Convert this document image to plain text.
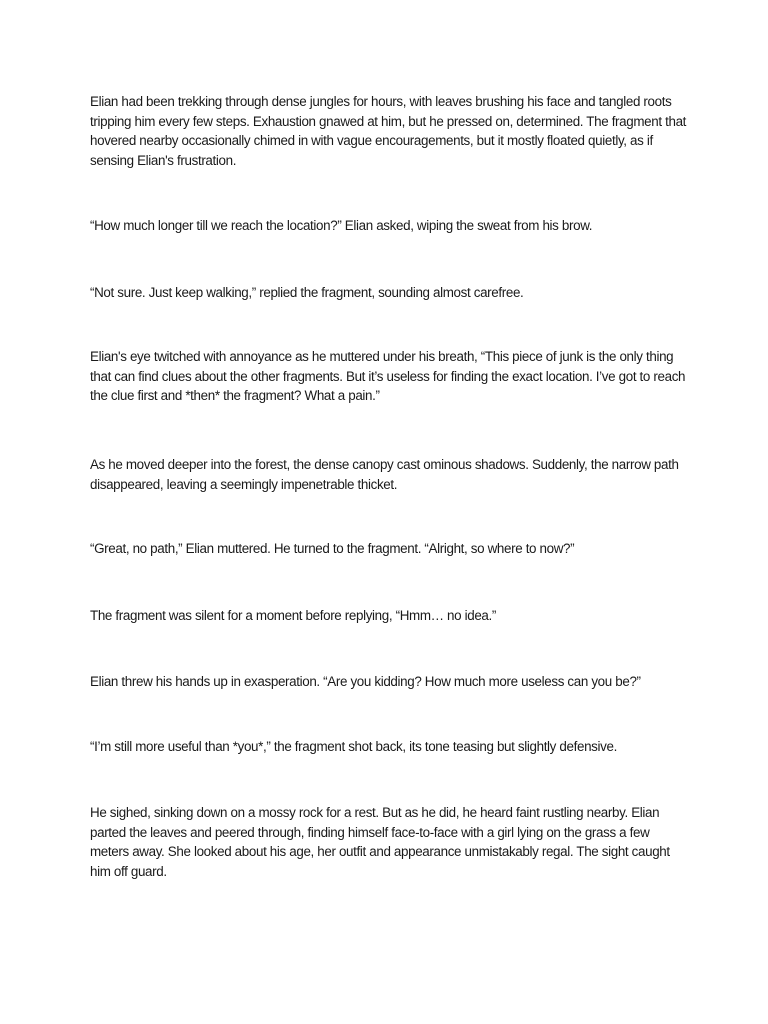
Elian had been trekking through dense jungles for hours, with leaves brushing his face and tangled roots tripping him every few steps. Exhaustion gnawed at him, but he pressed on, determined. The fragment that hovered nearby occasionally chimed in with vague encouragements, but it mostly floated quietly, as if sensing Elian's frustration.

“How much longer till we reach the location?” Elian asked, wiping the sweat from his brow.

“Not sure. Just keep walking,” replied the fragment, sounding almost carefree.

Elian's eye twitched with annoyance as he muttered under his breath, “This piece of junk is the only thing that can find clues about the other fragments. But it’s useless for finding the exact location. I’ve got to reach the clue first and *then* the fragment? What a pain.”

As he moved deeper into the forest, the dense canopy cast ominous shadows. Suddenly, the narrow path disappeared, leaving a seemingly impenetrable thicket.

“Great, no path,” Elian muttered. He turned to the fragment. “Alright, so where to now?”

The fragment was silent for a moment before replying, “Hmm… no idea.”

Elian threw his hands up in exasperation. “Are you kidding? How much more useless can you be?”

“I’m still more useful than *you*,” the fragment shot back, its tone teasing but slightly defensive.

He sighed, sinking down on a mossy rock for a rest. But as he did, he heard faint rustling nearby. Elian parted the leaves and peered through, finding himself face-to-face with a girl lying on the grass a few meters away. She looked about his age, her outfit and appearance unmistakably regal. The sight caught him off guard.
